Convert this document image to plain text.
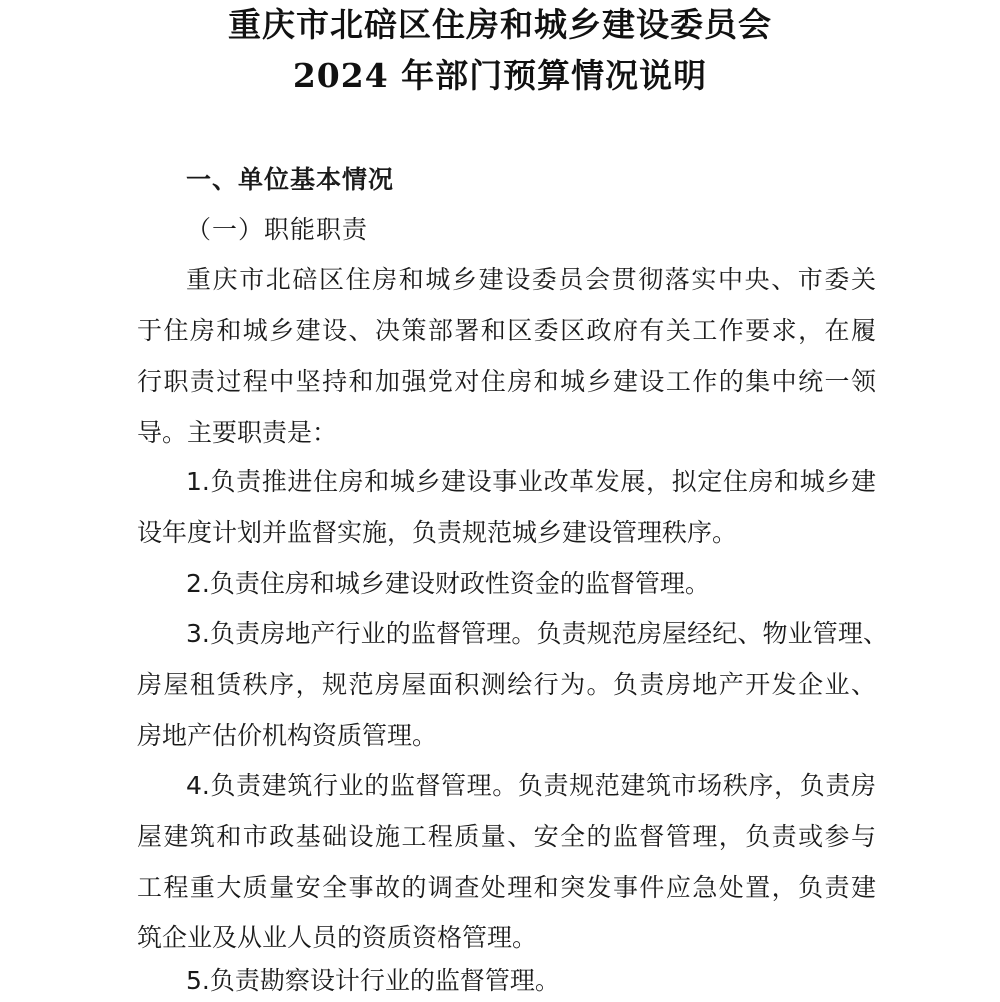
重庆市北碚区住房和城乡建设委员会
2024 年部门预算情况说明
一、单位基本情况
（一）职能职责
重庆市北碚区住房和城乡建设委员会贯彻落实中央、市委关
于住房和城乡建设、决策部署和区委区政府有关工作要求，在履
行职责过程中坚持和加强党对住房和城乡建设工作的集中统一领
导。主要职责是：
1.负责推进住房和城乡建设事业改革发展，拟定住房和城乡建
设年度计划并监督实施，负责规范城乡建设管理秩序。
2.负责住房和城乡建设财政性资金的监督管理。
3.负责房地产行业的监督管理。负责规范房屋经纪、物业管理、
房屋租赁秩序，规范房屋面积测绘行为。负责房地产开发企业、
房地产估价机构资质管理。
4.负责建筑行业的监督管理。负责规范建筑市场秩序，负责房
屋建筑和市政基础设施工程质量、安全的监督管理，负责或参与
工程重大质量安全事故的调查处理和突发事件应急处置，负责建
筑企业及从业人员的资质资格管理。
5.负责勘察设计行业的监督管理。
